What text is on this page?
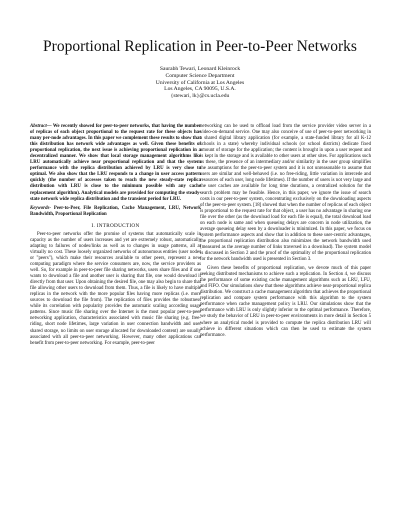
Proportional Replication in Peer-to-Peer Networks
Saurabh Tewari, Leonard Kleinrock
Computer Science Department
University of California at Los Angeles
Los Angeles, CA 90095, U.S.A.
{stewari, lk}@cs.ucla.edu

Abstract— We recently showed for peer-to-peer networks, that having the number of replicas of each object proportional to the request rate for these objects has many per-node advantages. In this paper we complement these results to show that this distribution has network wide advantages as well. Given these benefits of proportional replication, the next issue is achieving proportional replication in a decentralized manner. We show that local storage management algorithms like LRU automatically achieve near proportional replication and that the system performance with the replica distribution achieved by LRU is very close to optimal. We also show that the LRU responds to a change in user access pattern quickly (the number of accesses taken to reach the new steady-state replica distribution with LRU is close to the minimum possible with any cache replacement algorithm). Analytical models are provided for computing the steady-state network wide replica distribution and the transient period for LRU.

Keywords- Peer-to-Peer, File Replication, Cache Management, LRU, Network Bandwidth, Proportional Replication

I. INTRODUCTION

Peer-to-peer networks offer the promise of systems that automatically scale in capacity as the number of users increases and yet are extremely robust, automatically adapting to failures of nodes/links as well as to changes in usage patterns, all at virtually no cost. These loosely organized networks of autonomous entities (user nodes or "peers"), which make their resources available to other peers, represent a new computing paradigm where the service consumers are, now, the service providers as well. So, for example in peer-to-peer file sharing networks, users share files and if one wants to download a file and another user is sharing that file, one would download it directly from that user. Upon obtaining the desired file, one may also begin to share that file allowing other users to download from them. Thus, a file is likely to have multiple replicas in the network with the more popular files having more replicas (i.e. more sources to download the file from). The replication of files provides the robustness while its correlation with popularity provides the automatic scaling according usage patterns. Since music file sharing over the Internet is the most popular peer-to-peer networking application, characteristics associated with music file sharing (e.g. free-riding, short node lifetimes, large variation in user connection bandwidth and user shared storage, no limits on user storage allocated for downloaded content) are usually associated with all peer-to-peer networking. However, many other applications can benefit from peer-to-peer networking. For example, peer-to-peer

networking can be used to offload load from the service provider video server in a video-on-demand service. One may also conceive of use of peer-to-peer networking in a shared digital library application (for example, a state-funded library for all K-12 schools in a state) whereby individual schools (or school districts) dedicate fixed amount of storage for the application; the content is brought in upon a user request and is kept in the storage and is available to other users at other sites. For applications such as these, the presence of an intermediary and/or similarity in the user group simplifies the assumptions for the peer-to-peer system and it is not unreasonable to assume that users are similar and well-behaved (i.e. no free-riding, little variation in intercede and resources of each user, long node lifetimes). If the number of users is not very large and the user caches are available for long time durations, a centralized solution for the search problem may be feasible. Hence, in this paper, we ignore the issue of search costs in our peer-to-peer system, concentrating exclusively on the downloading aspects of the peer-to-peer system. [18] showed that when the number of replicas of each object is proportional to the request rate for that object, a user has no advantage in sharing one file over the other (as the download load for each file is equal), the total download load on each node is same and when queueing delays are concern in node utilization, the average queueing delay seen by a downloader is minimized. In this paper, we focus on system performance aspects and show that in addition to these user-centric advantages, the proportional replication distribution also minimizes the network bandwidth used (measured as the average number of links traversed in a download). The system model is discussed in Section 2 and the proof of the optimality of the proportional replication for the network bandwidth used is presented in Section 3.

Given these benefits of proportional replication, we devote much of this paper seeking distributed mechanisms to achieve such a replication. In Section 4, we discuss the performance of some existing cache management algorithms such as LRU, LFU, and FIFO. Our simulations show that these algorithms achieve near-proportional replica distribution. We construct a cache management algorithm that achieves the proportional replication and compare system performance with this algorithm to the system performance when cache management policy is LRU. Our simulations show that the performance with LRU is only slightly inferior to the optimal performance. Therefore, we study the behavior of LRU in peer-to-peer environments in more detail in Section 5 where an analytical model is provided to compute the replica distribution LRU will achieve in different situations which can then be used to estimate the system performance.
